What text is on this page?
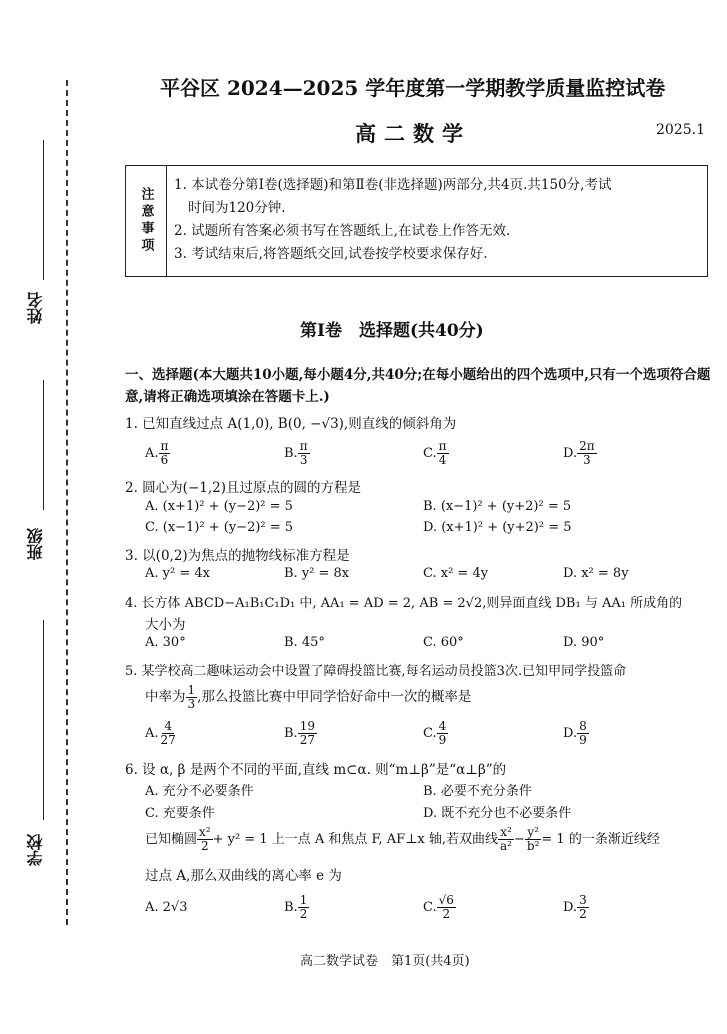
姓名
班级
学校
平谷区 2024—2025 学年度第一学期教学质量监控试卷
高二数学	2025.1
注意事项
1. 本试卷分第Ⅰ卷(选择题)和第Ⅱ卷(非选择题)两部分,共4页.共150分,考试
时间为120分钟.
2. 试题所有答案必须书写在答题纸上,在试卷上作答无效.
3. 考试结束后,将答题纸交回,试卷按学校要求保存好.
第Ⅰ卷　选择题(共40分)
一、选择题(本大题共10小题,每小题4分,共40分;在每小题给出的四个选项中,只有一个选项符合题意,请将正确选项填涂在答题卡上.)
1. 已知直线过点 A(1,0), B(0, −√3),则直线的倾斜角为
A. $\frac{\pi}{6}$	B. $\frac{\pi}{3}$	C. $\frac{\pi}{4}$	D. $\frac{2\pi}{3}$
2. 圆心为(−1,2)且过原点的圆的方程是
A. (x+1)² + (y−2)² = 5	B. (x−1)² + (y+2)² = 5
C. (x−1)² + (y−2)² = 5	D. (x+1)² + (y+2)² = 5
3. 以(0,2)为焦点的抛物线标准方程是
A. y² = 4x	B. y² = 8x	C. x² = 4y	D. x² = 8y
4. 长方体 ABCD−A₁B₁C₁D₁ 中, AA₁ = AD = 2, AB = 2√2,则异面直线 DB₁ 与 AA₁ 所成角的
大小为
A. 30°	B. 45°	C. 60°	D. 90°
5. 某学校高二趣味运动会中设置了障碍投篮比赛,每名运动员投篮3次.已知甲同学投篮命
中率为 $\frac{1}{3}$ ,那么投篮比赛中甲同学恰好命中一次的概率是
A. $\frac{4}{27}$	B. $\frac{19}{27}$	C. $\frac{4}{9}$	D. $\frac{8}{9}$
6. 设 α, β 是两个不同的平面,直线 m⊂α. 则“m⊥β”是“α⊥β”的
A. 充分不必要条件	B. 必要不充分条件
C. 充要条件	D. 既不充分也不必要条件
已知椭圆 $\frac{\text{x²}}{2} + y^2 = 1$ 上一点 A 和焦点 F, AF⊥x 轴,若双曲线 $\frac{\text{x²}}{\text{a²}} - \frac{\text{y²}}{\text{b²}} = 1$ 的一条渐近线经
过点 A,那么双曲线的离心率 e 为
A. 2√3	B. $\frac{1}{2}$	C. $\frac{√6}{2}$	D. $\frac{3}{2}$
高二数学试卷　第1页(共4页)
